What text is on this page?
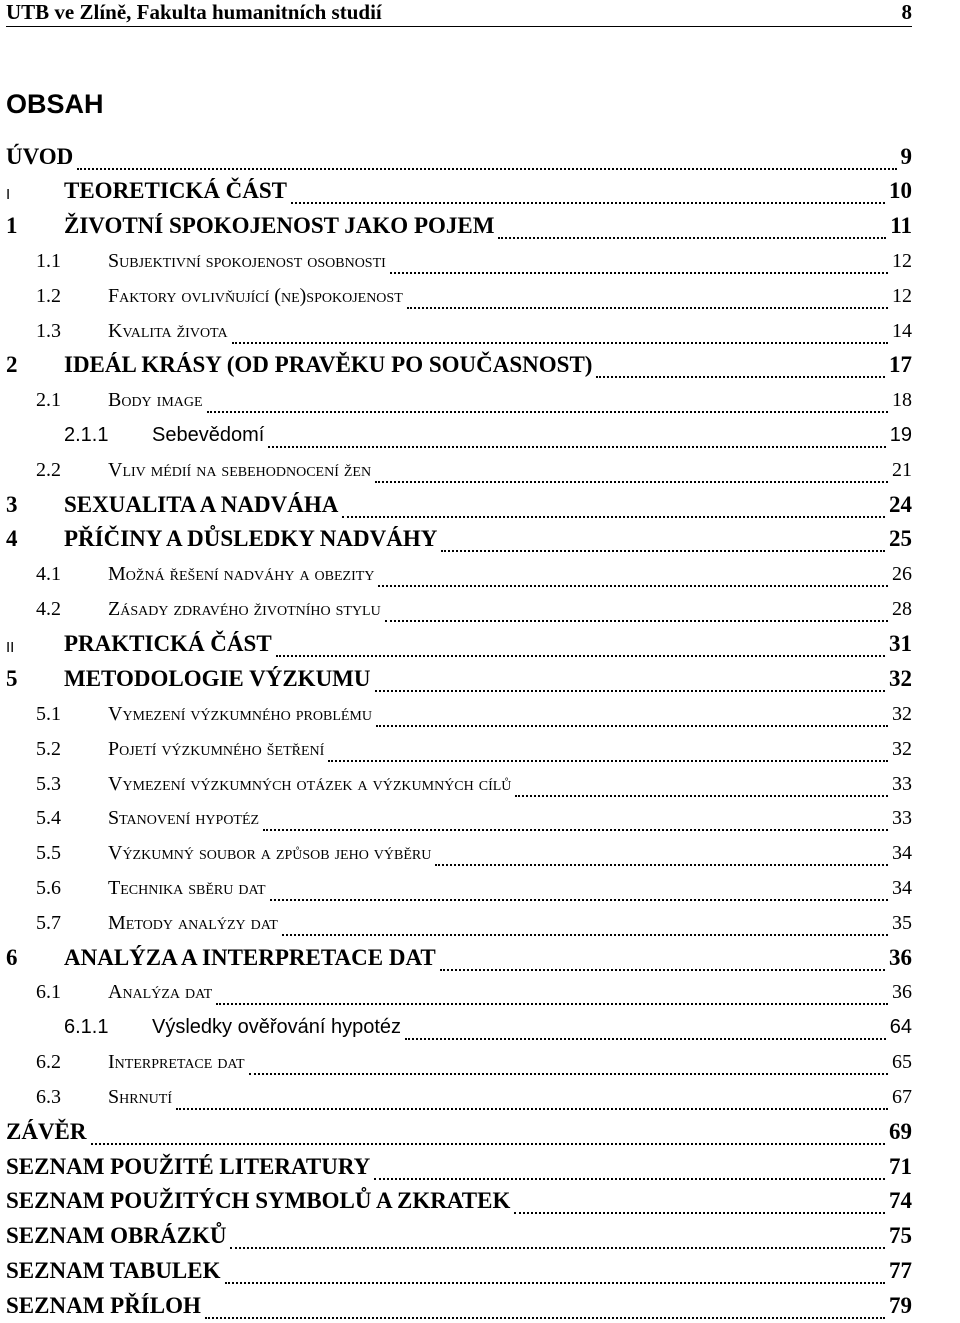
UTB ve Zlíně, Fakulta humanitních studií	8
OBSAH
ÚVOD	9
I TEORETICKÁ ČÁST	10
1 ŽIVOTNÍ SPOKOJENOST JAKO POJEM	11
1.1 Subjektivní spokojenost osobnosti	12
1.2 Faktory ovlivňující (ne)spokojenost	12
1.3 Kvalita života	14
2 IDEÁL KRÁSY (OD PRAVĚKU PO SOUČASNOST)	17
2.1 Body image	18
2.1.1 Sebevědomí	19
2.2 Vliv médií na sebehodnocení žen	21
3 SEXUALITA A NADVÁHA	24
4 PŘÍČINY A DŮSLEDKY NADVÁHY	25
4.1 Možná řešení nadváhy a obezity	26
4.2 Zásady zdravého životního stylu	28
II PRAKTICKÁ ČÁST	31
5 METODOLOGIE VÝZKUMU	32
5.1 Vymezení výzkumného problému	32
5.2 Pojetí výzkumného šetření	32
5.3 Vymezení výzkumných otázek a výzkumných cílů	33
5.4 Stanovení hypotéz	33
5.5 Výzkumný soubor a způsob jeho výběru	34
5.6 Technika sběru dat	34
5.7 Metody analýzy dat	35
6 ANALÝZA A INTERPRETACE DAT	36
6.1 Analýza dat	36
6.1.1 Výsledky ověřování hypotéz	64
6.2 Interpretace dat	65
6.3 Shrnutí	67
ZÁVĚR	69
SEZNAM POUŽITÉ LITERATURY	71
SEZNAM POUŽITÝCH SYMBOLŮ A ZKRATEK	74
SEZNAM OBRÁZKŮ	75
SEZNAM TABULEK	77
SEZNAM PŘÍLOH	79
